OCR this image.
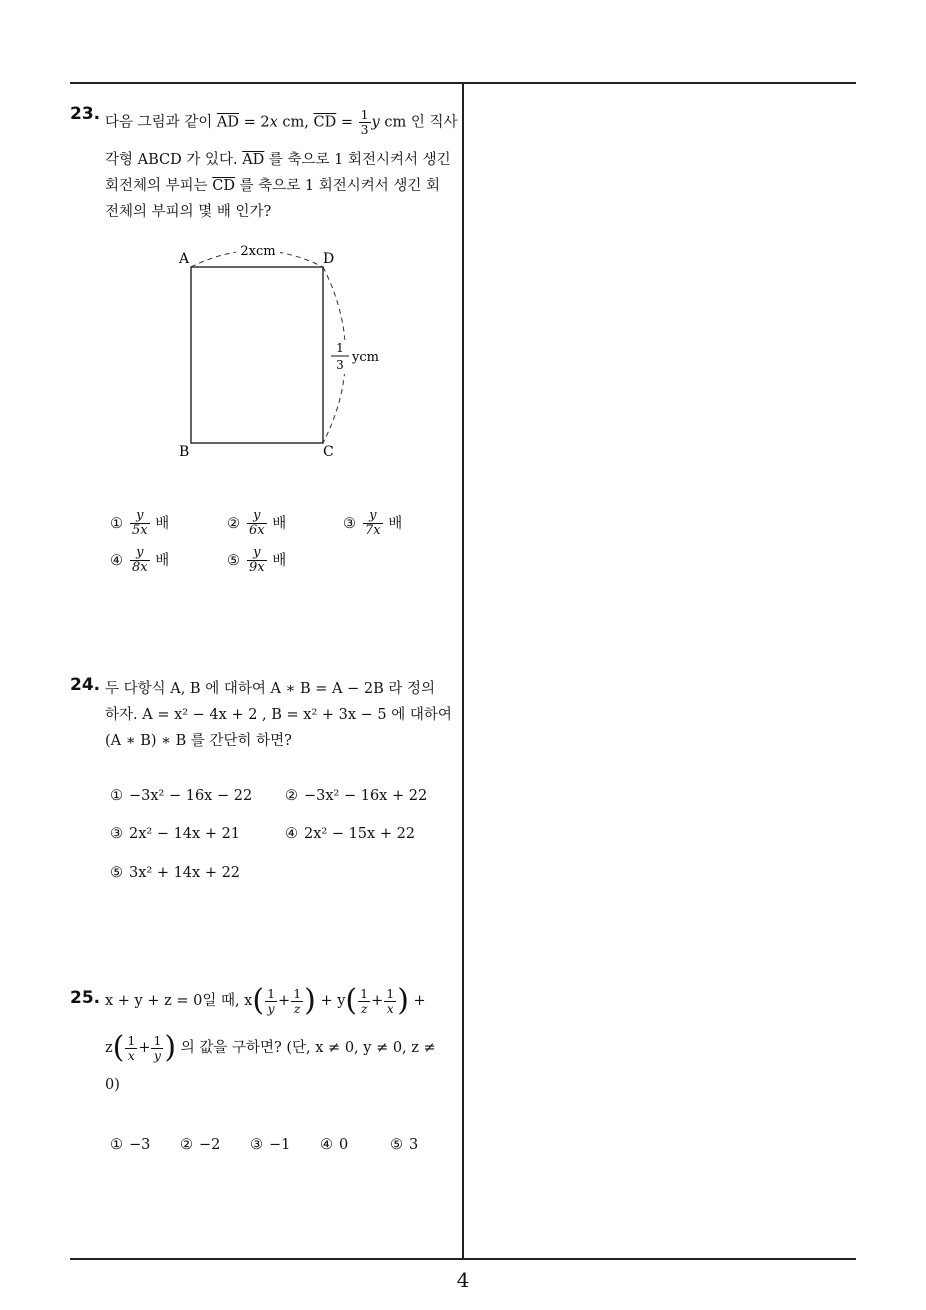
23. 다음 그림과 같이 $\overline{AD} = 2x$ cm, $\overline{CD} = \frac{1}{3}$ y cm 인 직사
각형 ABCD 가 있다. $\overline{AD}$ 를 축으로 1 회전시켜서 생긴
회전체의 부피는 $\overline{CD}$ 를 축으로 1 회전시켜서 생긴 회
전체의 부피의 몇 배 인가?
2xcm
1
3 ycm
A	D
B	C
① $\frac{y}{5x}$ 배	② $\frac{y}{6x}$ 배	③ $\frac{y}{7x}$ 배
④ $\frac{y}{8x}$ 배	⑤ $\frac{y}{9x}$ 배
24. 두 다항식 A, B 에 대하여 A ∗ B = A − 2B 라 정의
하자. A = x² − 4x + 2 , B = x² + 3x − 5 에 대하여
(A ∗ B) ∗ B 를 간단히 하면?
① −3x² − 16x − 22 ② −3x² − 16x + 22
③ 2x² − 14x + 21	④ 2x² − 15x + 22
⑤ 3x² + 14x + 22
25. x + y + z = 0일 때, $x( \frac{1}{y} + \frac{1}{z}$ ) + $y( \frac{1}{z} + \frac{1}{x}$ ) +
$z( \frac{1}{x} + \frac{1}{y}$ ) 의 값을 구하면? (단, x ≠ 0, y ≠ 0, z ≠
0)
① −3 ② −2 ③ −1 ④ 0	⑤ 3
4
